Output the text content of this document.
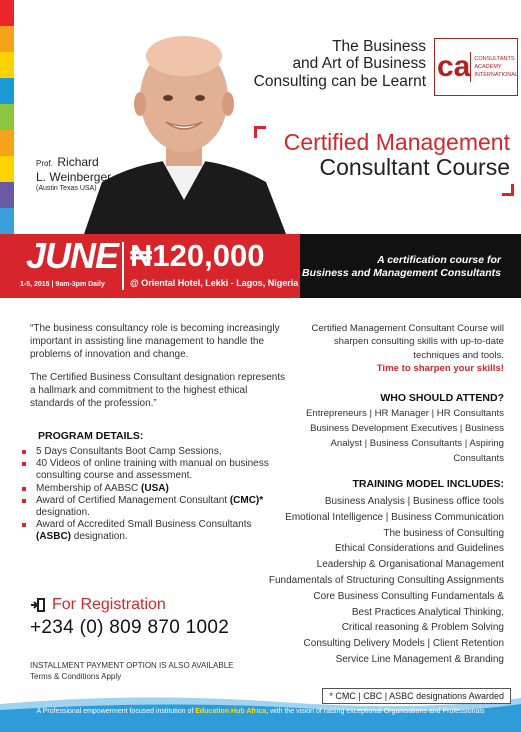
Prof. Richard
L. Weinberger
(Austin Texas USA)
The Business
and Art of Business
Consulting can be Learnt ca CONSULTANTS
ACADEMY
INTERNATIONAL
Certified Management
Consultant Course
JUNE
1-5, 2015 | 9am-3pm Daily
₦120,000
@ Oriental Hotel, Lekki - Lagos, Nigeria
A certification course for
Business and Management Consultants

“The business consultancy role is becoming increasingly important in assisting line management to handle the problems of innovation and change.

The Certified Business Consultant designation represents a hallmark and commitment to the highest ethical standards of the profession.”

Certified Management Consultant Course will sharpen consulting skills with up-to-date techniques and tools.
Time to sharpen your skills!
WHO SHOULD ATTEND?
Entrepreneurs | HR Manager | HR Consultants Business Development Executives | Business Analyst | Business Consultants | Aspiring Consultants
PROGRAM DETAILS:
5 Days Consultants Boot Camp Sessions,
40 Videos of online training with manual on business consulting course and assessment.
Membership of AABSC (USA)
Award of Certified Management Consultant (CMC)* designation.
Award of Accredited Small Business Consultants (ASBC) designation.
TRAINING MODEL INCLUDES:
Business Analysis | Business office tools
Emotional Intelligence | Business Communication
The business of Consulting
Ethical Considerations and Guidelines
Leadership & Organisational Management
Fundamentals of Structuring Consulting Assignments
Core Business Consulting Fundamentals &
Best Practices Analytical Thinking,
Critical reasoning & Problem Solving
Consulting Delivery Models | Client Retention
Service Line Management & Branding
For Registration
+234 (0) 809 870 1002
INSTALLMENT PAYMENT OPTION IS ALSO AVAILABLE
Terms & Conditions Apply
* CMC | CBC | ASBC designations Awarded
A Professional empowerment focused institution of Education Hub Africa, with the vision of raising exceptional Organisations and Professionals
